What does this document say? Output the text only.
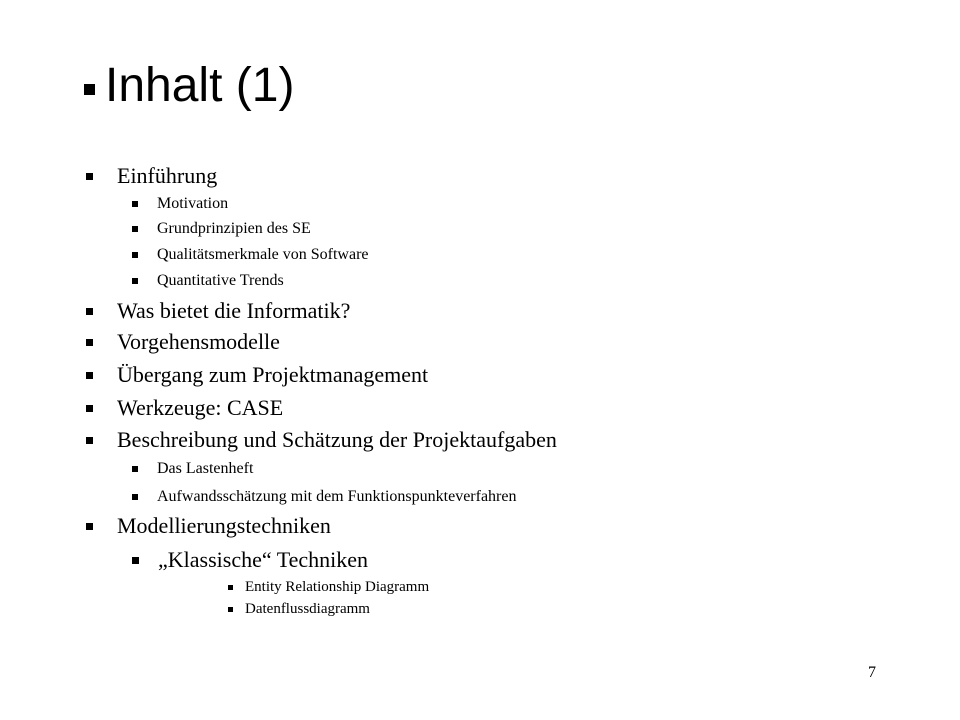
Inhalt (1)
Einführung
Motivation
Grundprinzipien des SE
Qualitätsmerkmale von Software
Quantitative Trends
Was bietet die Informatik?
Vorgehensmodelle
Übergang zum Projektmanagement
Werkzeuge: CASE
Beschreibung und Schätzung der Projektaufgaben
Das Lastenheft
Aufwandsschätzung mit dem Funktionspunkteverfahren
Modellierungstechniken
„Klassische“ Techniken
Entity Relationship Diagramm
Datenflussdiagramm
7
